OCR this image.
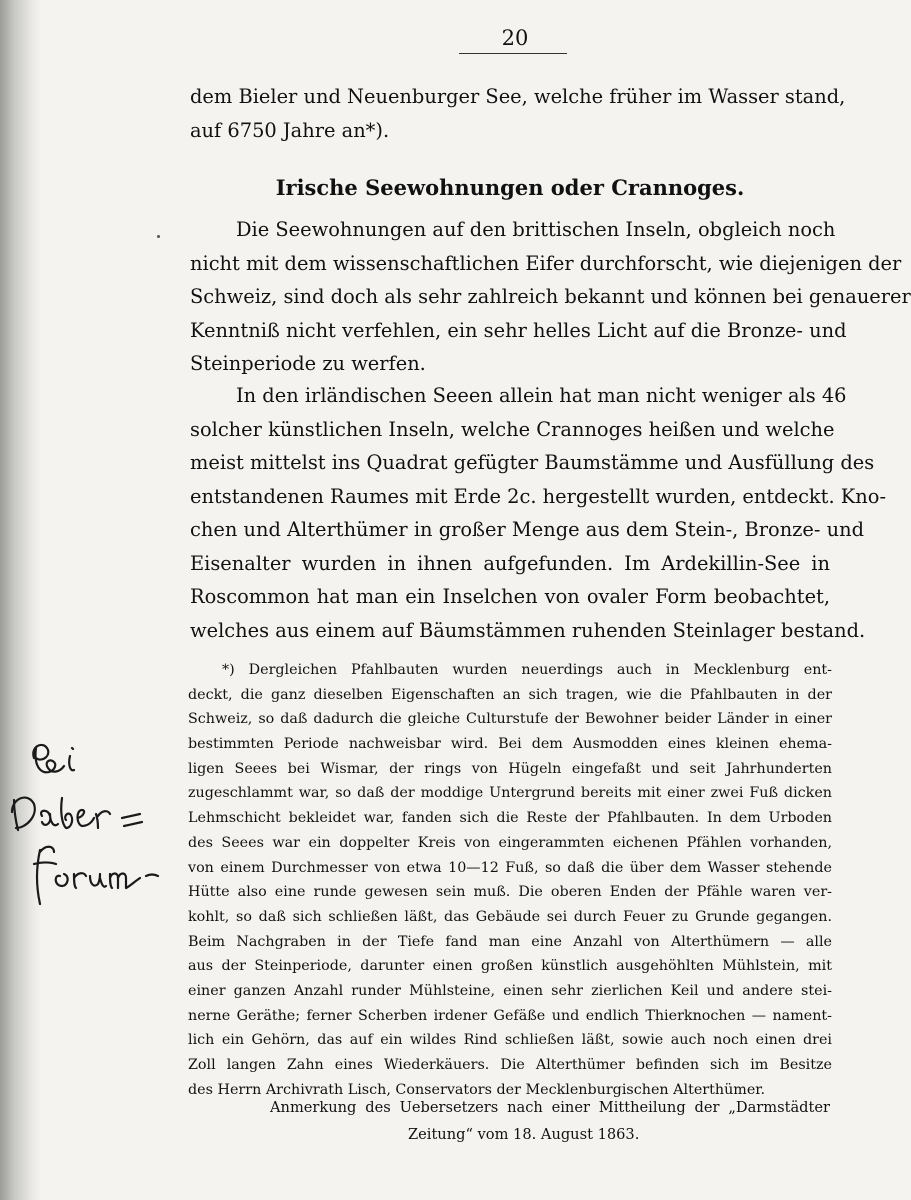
20
dem Bieler und Neuenburger See, welche früher im Wasser stand,
auf 6750 Jahre an*).
Irische Seewohnungen oder Crannoges.
Die Seewohnungen auf den brittischen Inseln, obgleich noch
nicht mit dem wissenschaftlichen Eifer durchforscht, wie diejenigen der
Schweiz, sind doch als sehr zahlreich bekannt und können bei genauerer
Kenntniß nicht verfehlen, ein sehr helles Licht auf die Bronze- und
Steinperiode zu werfen.
In den irländischen Seeen allein hat man nicht weniger als 46
solcher künstlichen Inseln, welche Crannoges heißen und welche
meist mittelst ins Quadrat gefügter Baumstämme und Ausfüllung des
entstandenen Raumes mit Erde 2c. hergestellt wurden, entdeckt. Kno-
chen und Alterthümer in großer Menge aus dem Stein-, Bronze- und
Eisenalter wurden in ihnen aufgefunden. Im Ardekillin-See in
Roscommon hat man ein Inselchen von ovaler Form beobachtet,
welches aus einem auf Bäumstämmen ruhenden Steinlager bestand.
*) Dergleichen Pfahlbauten wurden neuerdings auch in Mecklenburg ent-
deckt, die ganz dieselben Eigenschaften an sich tragen, wie die Pfahlbauten in der
Schweiz, so daß dadurch die gleiche Culturstufe der Bewohner beider Länder in einer
bestimmten Periode nachweisbar wird. Bei dem Ausmodden eines kleinen ehema-
ligen Seees bei Wismar, der rings von Hügeln eingefaßt und seit Jahrhunderten
zugeschlammt war, so daß der moddige Untergrund bereits mit einer zwei Fuß dicken
Lehmschicht bekleidet war, fanden sich die Reste der Pfahlbauten. In dem Urboden
des Seees war ein doppelter Kreis von eingerammten eichenen Pfählen vorhanden,
von einem Durchmesser von etwa 10—12 Fuß, so daß die über dem Wasser stehende
Hütte also eine runde gewesen sein muß. Die oberen Enden der Pfähle waren ver-
kohlt, so daß sich schließen läßt, das Gebäude sei durch Feuer zu Grunde gegangen.
Beim Nachgraben in der Tiefe fand man eine Anzahl von Alterthümern — alle
aus der Steinperiode, darunter einen großen künstlich ausgehöhlten Mühlstein, mit
einer ganzen Anzahl runder Mühlsteine, einen sehr zierlichen Keil und andere stei-
nerne Geräthe; ferner Scherben irdener Gefäße und endlich Thierknochen — nament-
lich ein Gehörn, das auf ein wildes Rind schließen läßt, sowie auch noch einen drei
Zoll langen Zahn eines Wiederkäuers. Die Alterthümer befinden sich im Besitze
des Herrn Archivrath Lisch, Conservators der Mecklenburgischen Alterthümer.
Anmerkung des Uebersetzers nach einer Mittheilung der „Darmstädter
Zeitung“ vom 18. August 1863.
